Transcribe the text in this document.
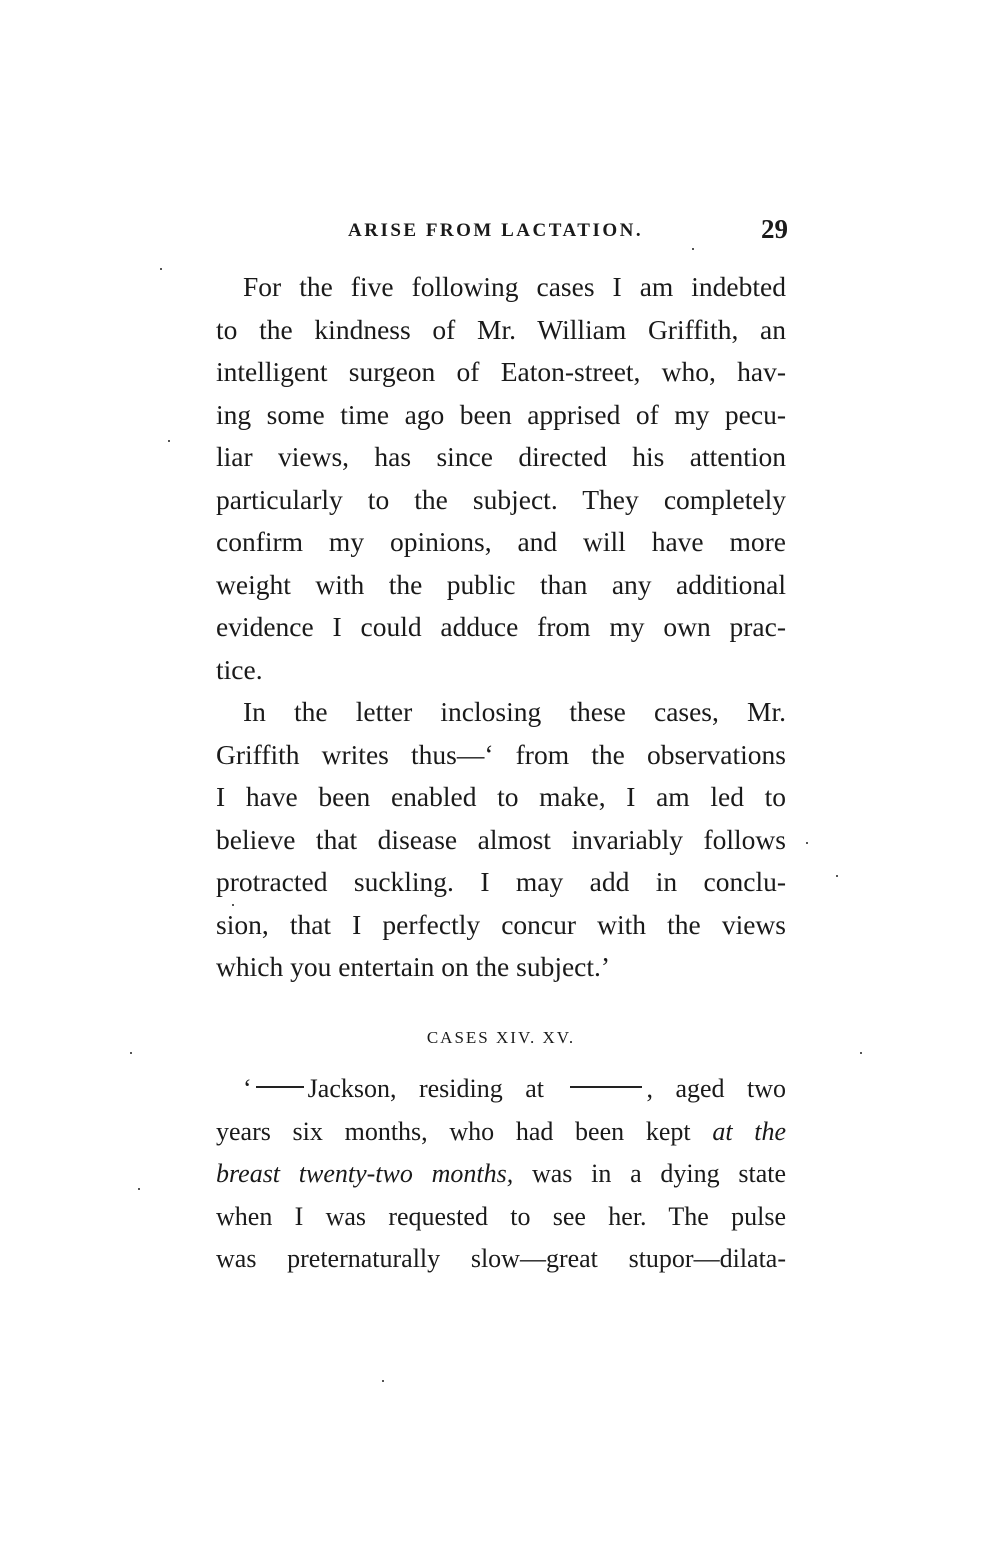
ARISE FROM LACTATION.	29
For the five following cases I am indebted
to the kindness of Mr. William Griffith, an
intelligent surgeon of Eaton-street, who, hav-
ing some time ago been apprised of my pecu-
liar views, has since directed his attention
particularly to the subject. They completely
confirm my opinions, and will have more
weight with the public than any additional
evidence I could adduce from my own prac-
tice.
In the letter inclosing these cases, Mr.
Griffith writes thus—‘ from the observations
I have been enabled to make, I am led to
believe that disease almost invariably follows
protracted suckling. I may add in conclu-
sion, that I perfectly concur with the views
which you entertain on the subject.’
CASES XIV. XV.
‘ Jackson, residing at	, aged two
years six months, who had been kept at the
breast twenty-two months, was in a dying state
when I was requested to see her. The pulse
was preternaturally slow—great stupor—dilata-
